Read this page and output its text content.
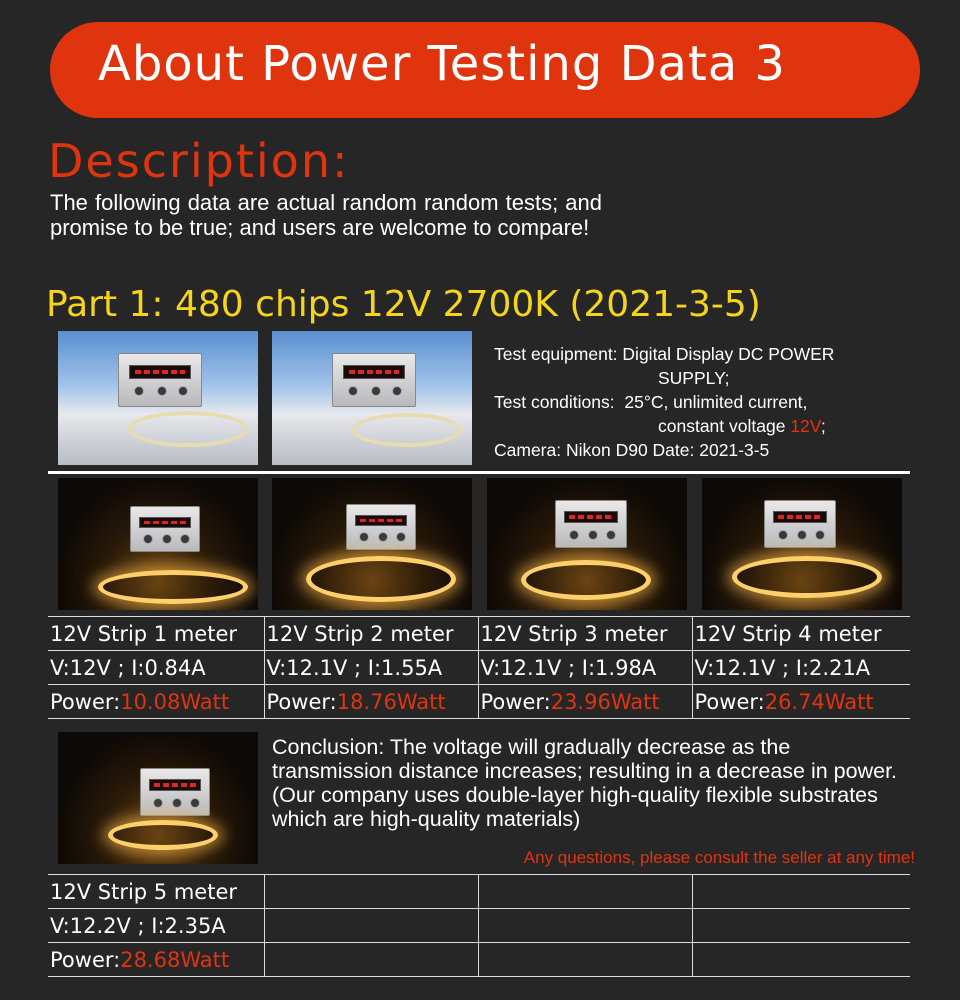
About Power Testing Data 3
Description:
The following data are actual random random tests; and promise to be true; and users are welcome to compare!
Part 1: 480 chips 12V 2700K (2021-3-5)
Test equipment: Digital Display DC POWER
SUPPLY;
Test conditions: 25°C, unlimited current,
constant voltage 12V;
Camera: Nikon D90 Date: 2021-3-5
12V Strip 1 meter	12V Strip 2 meter	12V Strip 3 meter	12V Strip 4 meter
V:12V ; I:0.84A	V:12.1V ; I:1.55A	V:12.1V ; I:1.98A	V:12.1V ; I:2.21A
Power:10.08Watt	Power:18.76Watt	Power:23.96Watt	Power:26.74Watt
Conclusion: The voltage will gradually decrease as the transmission distance increases; resulting in a decrease in power.(Our company uses double-layer high-quality flexible substrates which are high-quality materials)
Any questions, please consult the seller at any time!
12V Strip 5 meter			
V:12.2V ; I:2.35A			
Power:28.68Watt			
